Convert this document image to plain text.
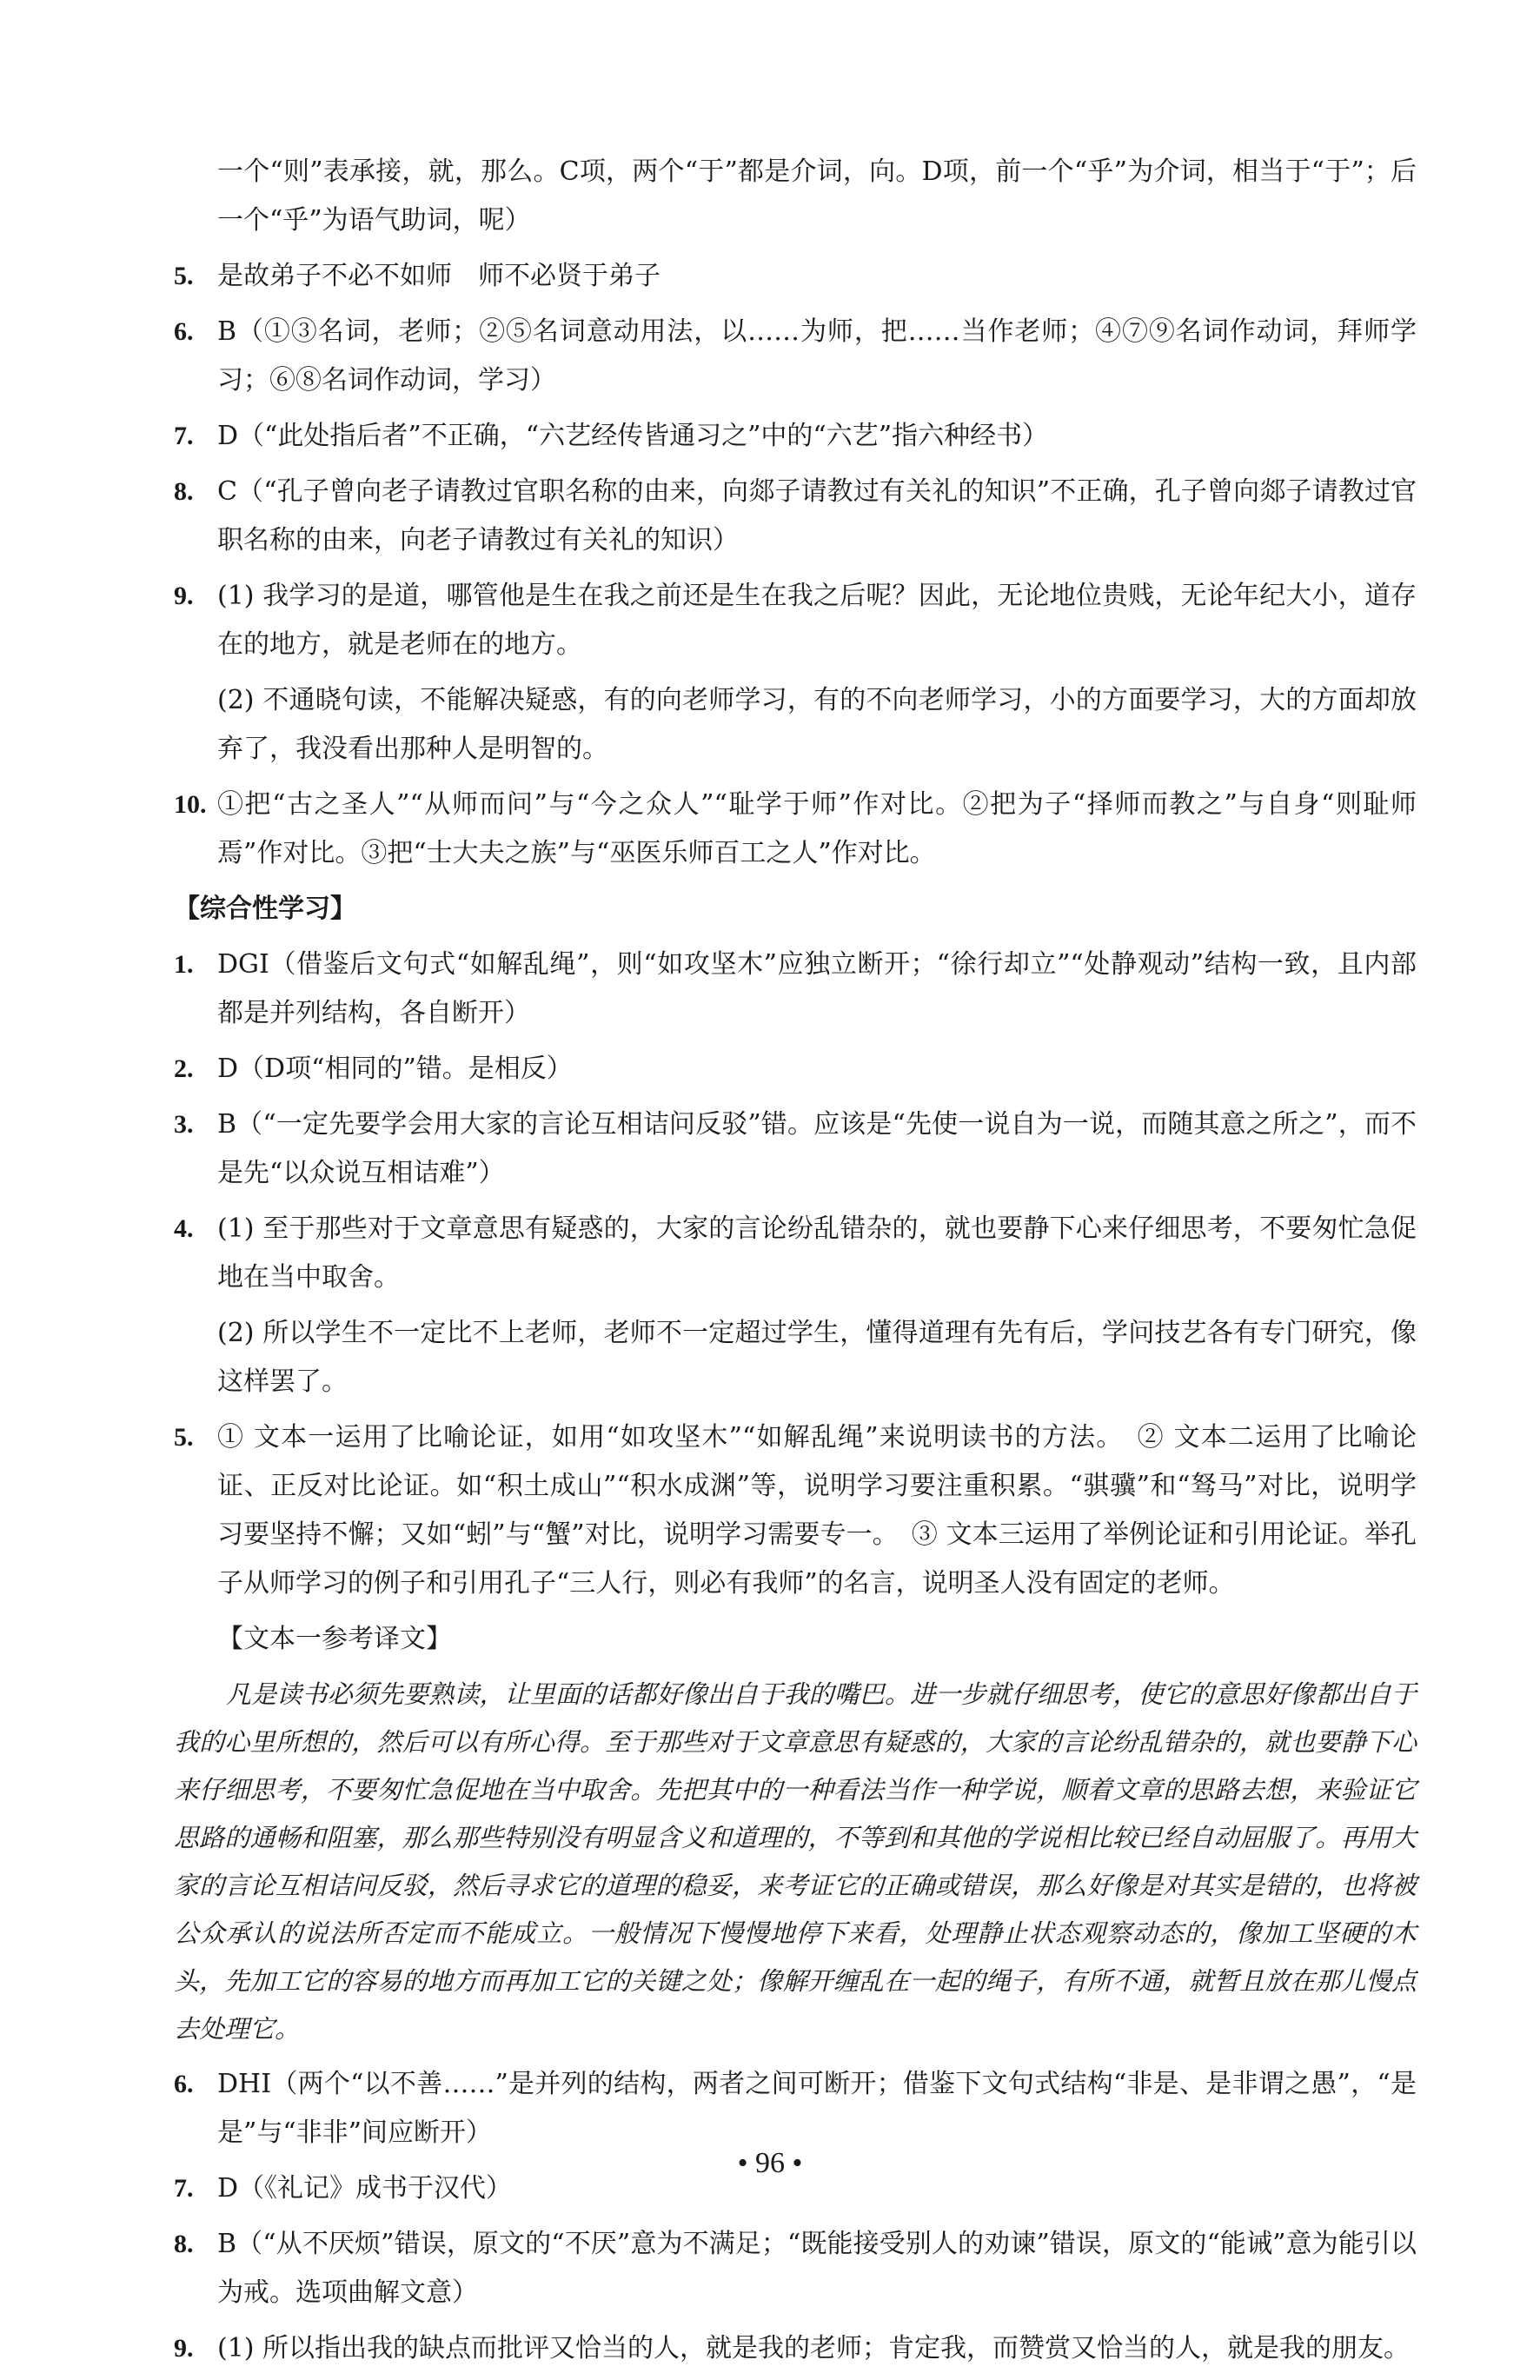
一个“则”表承接，就，那么。C项，两个“于”都是介词，向。D项，前一个“乎”为介词，相当于“于”；后一个“乎”为语气助词，呢）

5. 是故弟子不必不如师　师不必贤于弟子
6. B（①③名词，老师；②⑤名词意动用法，以……为师，把……当作老师；④⑦⑨名词作动词，拜师学习；⑥⑧名词作动词，学习）
7. D（“此处指后者”不正确，“六艺经传皆通习之”中的“六艺”指六种经书）
8. C（“孔子曾向老子请教过官职名称的由来，向郯子请教过有关礼的知识”不正确，孔子曾向郯子请教过官职名称的由来，向老子请教过有关礼的知识）
9. (1) 我学习的是道，哪管他是生在我之前还是生在我之后呢？因此，无论地位贵贱，无论年纪大小，道存在的地方，就是老师在的地方。

(2) 不通晓句读，不能解决疑惑，有的向老师学习，有的不向老师学习，小的方面要学习，大的方面却放弃了，我没看出那种人是明智的。

10. ①把“古之圣人”“从师而问”与“今之众人”“耻学于师”作对比。②把为子“择师而教之”与自身“则耻师焉”作对比。③把“士大夫之族”与“巫医乐师百工之人”作对比。

【综合性学习】

1. DGI（借鉴后文句式“如解乱绳”，则“如攻坚木”应独立断开；“徐行却立”“处静观动”结构一致，且内部都是并列结构，各自断开）
2. D（D项“相同的”错。是相反）
3. B（“一定先要学会用大家的言论互相诘问反驳”错。应该是“先使一说自为一说，而随其意之所之”，而不是先“以众说互相诘难”）
4. (1) 至于那些对于文章意思有疑惑的，大家的言论纷乱错杂的，就也要静下心来仔细思考，不要匆忙急促地在当中取舍。

(2) 所以学生不一定比不上老师，老师不一定超过学生，懂得道理有先有后，学问技艺各有专门研究，像这样罢了。

5. ① 文本一运用了比喻论证，如用“如攻坚木”“如解乱绳”来说明读书的方法。　② 文本二运用了比喻论证、正反对比论证。如“积土成山”“积水成渊”等，说明学习要注重积累。“骐骥”和“驽马”对比，说明学习要坚持不懈；又如“蚓”与“蟹”对比，说明学习需要专一。　③ 文本三运用了举例论证和引用论证。举孔子从师学习的例子和引用孔子“三人行，则必有我师”的名言，说明圣人没有固定的老师。

【文本一参考译文】

凡是读书必须先要熟读，让里面的话都好像出自于我的嘴巴。进一步就仔细思考，使它的意思好像都出自于我的心里所想的，然后可以有所心得。至于那些对于文章意思有疑惑的，大家的言论纷乱错杂的，就也要静下心来仔细思考，不要匆忙急促地在当中取舍。先把其中的一种看法当作一种学说，顺着文章的思路去想，来验证它思路的通畅和阻塞，那么那些特别没有明显含义和道理的，不等到和其他的学说相比较已经自动屈服了。再用大家的言论互相诘问反驳，然后寻求它的道理的稳妥，来考证它的正确或错误，那么好像是对其实是错的，也将被公众承认的说法所否定而不能成立。一般情况下慢慢地停下来看，处理静止状态观察动态的，像加工坚硬的木头，先加工它的容易的地方而再加工它的关键之处；像解开缠乱在一起的绳子，有所不通，就暂且放在那儿慢点去处理它。

6. DHI（两个“以不善……”是并列的结构，两者之间可断开；借鉴下文句式结构“非是、是非谓之愚”，“是是”与“非非”间应断开）
7. D（《礼记》成书于汉代）
8. B（“从不厌烦”错误，原文的“不厌”意为不满足；“既能接受别人的劝谏”错误，原文的“能诫”意为能引以为戒。选项曲解文意）
9. (1) 所以指出我的缺点而批评又恰当的人，就是我的老师；肯定我，而赞赏又恰当的人，就是我的朋友。
• 96 •
